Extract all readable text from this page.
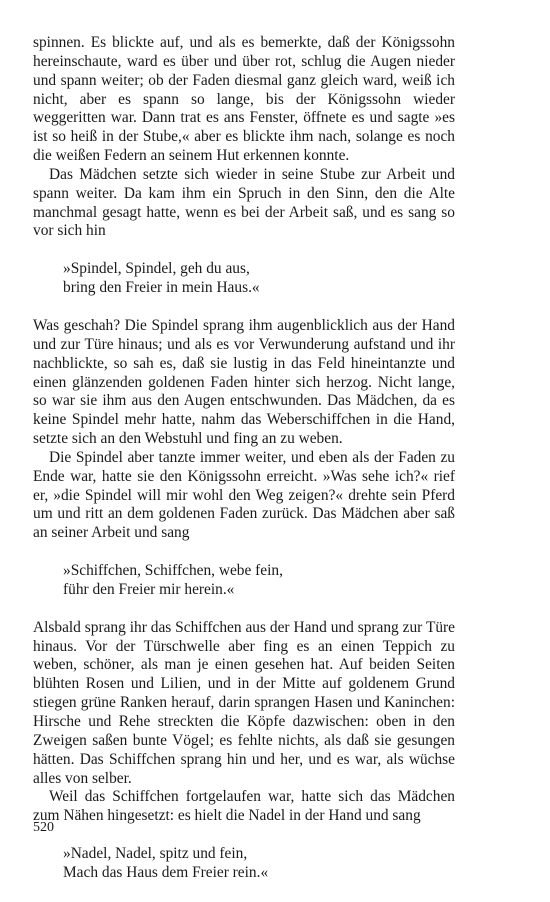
spinnen. Es blickte auf, und als es bemerkte, daß der Königssohn hereinschaute, ward es über und über rot, schlug die Augen nieder und spann weiter; ob der Faden diesmal ganz gleich ward, weiß ich nicht, aber es spann so lange, bis der Königssohn wieder weggeritten war. Dann trat es ans Fenster, öffnete es und sagte »es ist so heiß in der Stube,« aber es blickte ihm nach, solange es noch die weißen Federn an seinem Hut erkennen konnte.

Das Mädchen setzte sich wieder in seine Stube zur Arbeit und spann weiter. Da kam ihm ein Spruch in den Sinn, den die Alte manchmal gesagt hatte, wenn es bei der Arbeit saß, und es sang so vor sich hin

»Spindel, Spindel, geh du aus,
bring den Freier in mein Haus.«

Was geschah? Die Spindel sprang ihm augenblicklich aus der Hand und zur Türe hinaus; und als es vor Verwunderung aufstand und ihr nachblickte, so sah es, daß sie lustig in das Feld hineintanzte und einen glänzenden goldenen Faden hinter sich herzog. Nicht lange, so war sie ihm aus den Augen entschwunden. Das Mädchen, da es keine Spindel mehr hatte, nahm das Weberschiffchen in die Hand, setzte sich an den Webstuhl und fing an zu weben.

Die Spindel aber tanzte immer weiter, und eben als der Faden zu Ende war, hatte sie den Königssohn erreicht. »Was sehe ich?« rief er, »die Spindel will mir wohl den Weg zeigen?« drehte sein Pferd um und ritt an dem goldenen Faden zurück. Das Mädchen aber saß an seiner Arbeit und sang

»Schiffchen, Schiffchen, webe fein,
führ den Freier mir herein.«

Alsbald sprang ihr das Schiffchen aus der Hand und sprang zur Türe hinaus. Vor der Türschwelle aber fing es an einen Teppich zu weben, schöner, als man je einen gesehen hat. Auf beiden Seiten blühten Rosen und Lilien, und in der Mitte auf goldenem Grund stiegen grüne Ranken herauf, darin sprangen Hasen und Kaninchen: Hirsche und Rehe streckten die Köpfe dazwischen: oben in den Zweigen saßen bunte Vögel; es fehlte nichts, als daß sie gesungen hätten. Das Schiffchen sprang hin und her, und es war, als wüchse alles von selber.

Weil das Schiffchen fortgelaufen war, hatte sich das Mädchen zum Nähen hingesetzt: es hielt die Nadel in der Hand und sang

»Nadel, Nadel, spitz und fein,
Mach das Haus dem Freier rein.«
520
